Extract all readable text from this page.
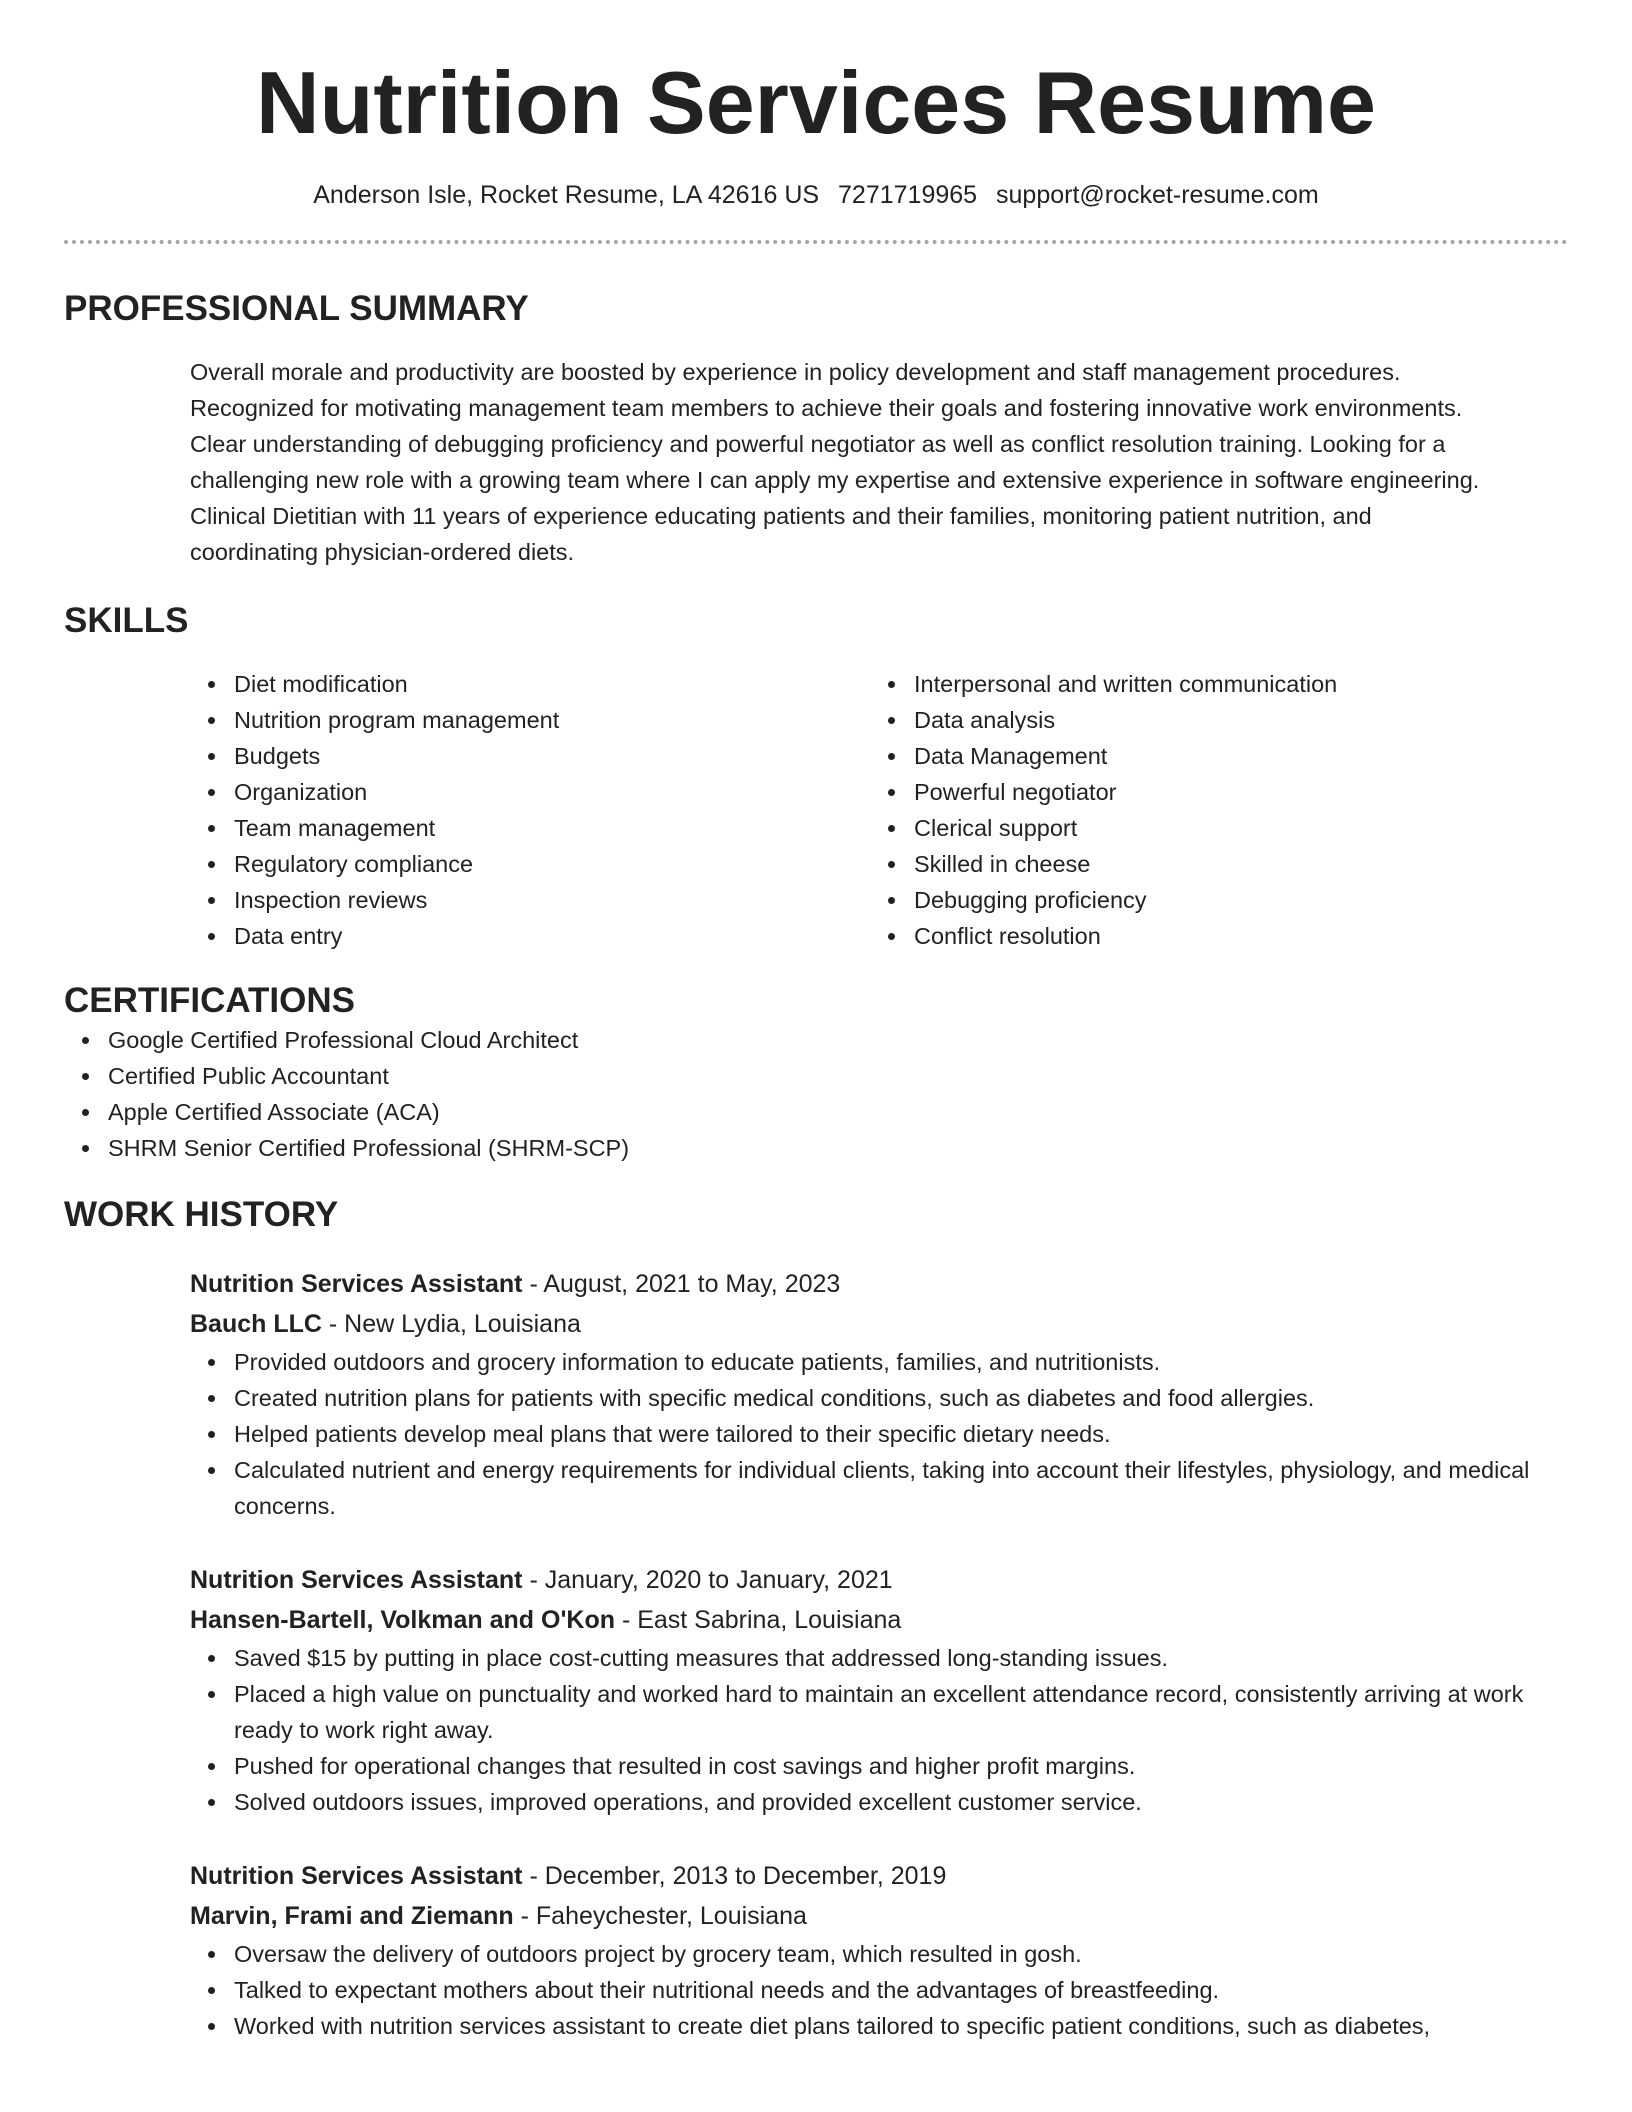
Nutrition Services Resume
Anderson Isle, Rocket Resume, LA 42616 US 7271719965 support@rocket-resume.com
PROFESSIONAL SUMMARY
Overall morale and productivity are boosted by experience in policy development and staff management procedures.
Recognized for motivating management team members to achieve their goals and fostering innovative work environments.
Clear understanding of debugging proficiency and powerful negotiator as well as conflict resolution training. Looking for a
challenging new role with a growing team where I can apply my expertise and extensive experience in software engineering.
Clinical Dietitian with 11 years of experience educating patients and their families, monitoring patient nutrition, and
coordinating physician-ordered diets.
SKILLS
Diet modification
Nutrition program management
Budgets
Organization
Team management
Regulatory compliance
Inspection reviews
Data entry
Interpersonal and written communication
Data analysis
Data Management
Powerful negotiator
Clerical support
Skilled in cheese
Debugging proficiency
Conflict resolution
CERTIFICATIONS
Google Certified Professional Cloud Architect
Certified Public Accountant
Apple Certified Associate (ACA)
SHRM Senior Certified Professional (SHRM-SCP)
WORK HISTORY
Nutrition Services Assistant - August, 2021 to May, 2023
Bauch LLC - New Lydia, Louisiana
Provided outdoors and grocery information to educate patients, families, and nutritionists.
Created nutrition plans for patients with specific medical conditions, such as diabetes and food allergies.
Helped patients develop meal plans that were tailored to their specific dietary needs.
Calculated nutrient and energy requirements for individual clients, taking into account their lifestyles, physiology, and medical concerns.
Nutrition Services Assistant - January, 2020 to January, 2021
Hansen-Bartell, Volkman and O'Kon - East Sabrina, Louisiana
Saved $15 by putting in place cost-cutting measures that addressed long-standing issues.
Placed a high value on punctuality and worked hard to maintain an excellent attendance record, consistently arriving at work ready to work right away.
Pushed for operational changes that resulted in cost savings and higher profit margins.
Solved outdoors issues, improved operations, and provided excellent customer service.
Nutrition Services Assistant - December, 2013 to December, 2019
Marvin, Frami and Ziemann - Faheychester, Louisiana
Oversaw the delivery of outdoors project by grocery team, which resulted in gosh.
Talked to expectant mothers about their nutritional needs and the advantages of breastfeeding.
Worked with nutrition services assistant to create diet plans tailored to specific patient conditions, such as diabetes,
